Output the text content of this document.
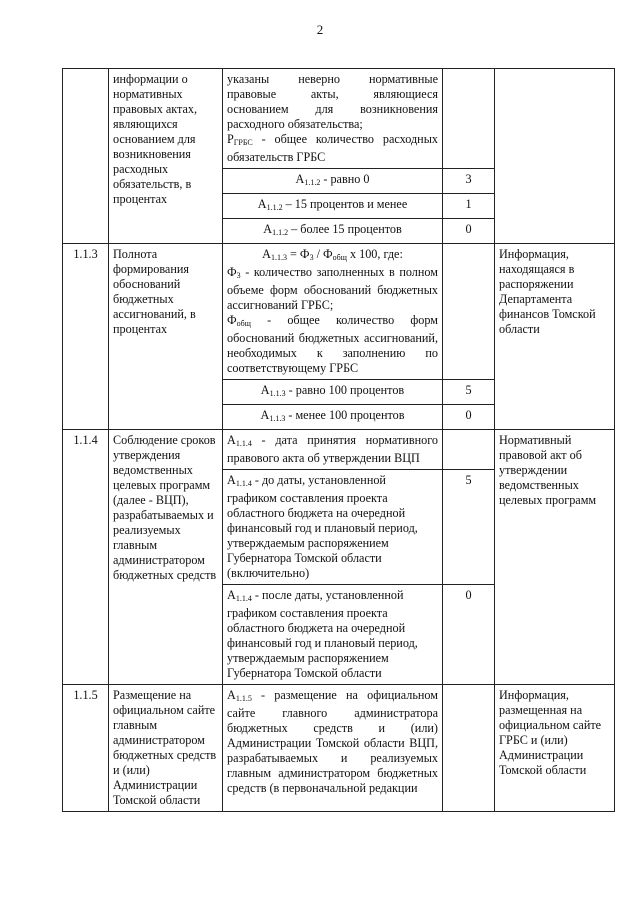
2
	информации о нормативных правовых актах, являющихся основанием для возникновения расходных обязательств, в процентах	указаны неверно нормативные правовые акты, являющиеся основанием для возникновения расходного обязательства;
$Р_{ГРБС}$ - общее количество расходных обязательств ГРБС		

		$А_{1.1.2}$ - равно 0	3	
		$А_{1.1.2} - 15$ процентов и менее	1	
		$А_{1.1.2}$ – более 15 процентов	0	
1.1.3	Полнота формирования обоснований бюджетных ассигнований, в процентах	$А_{1.1.3} = Ф_3 / Ф_{общ}$ х 100, где:
$Ф_3$ - количество заполненных в полном объеме форм обоснований бюджетных ассигнований ГРБС;
$Ф_{общ}$ - общее количество форм обоснований бюджетных ассигнований, необходимых к заполнению по соответствующему ГРБС		Информация, находящаяся в распоряжении Департамента финансов Томской области
		$А_{1.1.3}$ - равно 100 процентов	5	
		$А_{1.1.3}$ - менее 100 процентов	0	
1.1.4	Соблюдение сроков утверждения ведомственных целевых программ (далее - ВЦП), разрабатываемых и реализуемых главным администратором бюджетных средств	$А_{1.1.4}$ - дата принятия нормативного правового акта об утверждении ВЦП		Нормативный правовой акт об утверждении ведомственных целевых программ
		$А_{1.1.4}$ - до даты, установленной графиком составления проекта областного бюджета на очередной финансовый год и плановый период, утверждаемым распоряжением Губернатора Томской области (включительно)	5	
		$А_{1.1.4}$ - после даты, установленной графиком составления проекта областного бюджета на очередной финансовый год и плановый период, утверждаемым распоряжением Губернатора Томской области	0	
1.1.5	Размещение на официальном сайте главным администратором бюджетных средств и (или) Администрации Томской области	$А_{1.1.5}$ - размещение на официальном сайте главного администратора бюджетных средств и (или) Администрации Томской области ВЦП, разрабатываемых и реализуемых главным администратором бюджетных средств (в первоначальной редакции		Информация, размещенная на официальном сайте ГРБС и (или) Администрации Томской области
